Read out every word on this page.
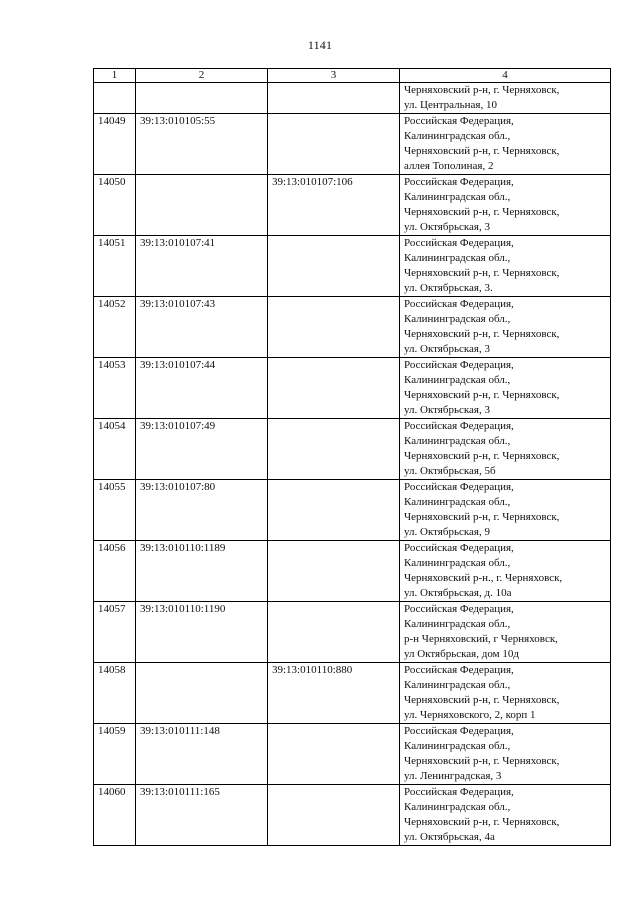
1141
1	2	3	4

			Черняховский р-н, г. Черняховск,
ул. Центральная, 10

14049	39:13:010105:55		Российская Федерация,
Калининградская обл.,
Черняховский р-н, г. Черняховск,
аллея Тополиная, 2

14050		39:13:010107:106	Российская Федерация,
Калининградская обл.,
Черняховский р-н, г. Черняховск,
ул. Октябрьская, 3

14051	39:13:010107:41		Российская Федерация,
Калининградская обл.,
Черняховский р-н, г. Черняховск,
ул. Октябрьская, 3.

14052	39:13:010107:43		Российская Федерация,
Калининградская обл.,
Черняховский р-н, г. Черняховск,
ул. Октябрьская, 3

14053	39:13:010107:44		Российская Федерация,
Калининградская обл.,
Черняховский р-н, г. Черняховск,
ул. Октябрьская, 3

14054	39:13:010107:49		Российская Федерация,
Калининградская обл.,
Черняховский р-н, г. Черняховск,
ул. Октябрьская, 5б

14055	39:13:010107:80		Российская Федерация,
Калининградская обл.,
Черняховский р-н, г. Черняховск,
ул. Октябрьская, 9

14056	39:13:010110:1189		Российская Федерация,
Калининградская обл.,
Черняховский р-н., г. Черняховск,
ул. Октябрьская, д. 10а

14057	39:13:010110:1190		Российская Федерация,
Калининградская обл.,
р-н Черняховский, г Черняховск,
ул Октябрьская, дом 10д

14058		39:13:010110:880	Российская Федерация,
Калининградская обл.,
Черняховский р-н, г. Черняховск,
ул. Черняховского, 2, корп 1

14059	39:13:010111:148		Российская Федерация,
Калининградская обл.,
Черняховский р-н, г. Черняховск,
ул. Ленинградская, 3

14060	39:13:010111:165		Российская Федерация,
Калининградская обл.,
Черняховский р-н, г. Черняховск,
ул. Октябрьская, 4а
